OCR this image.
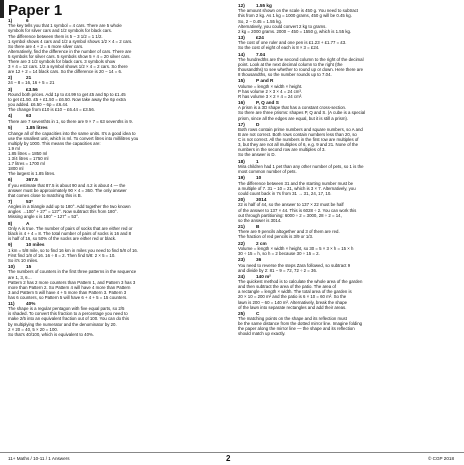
Paper 1
1)	6
The key tells you that 1 symbol = 4 cars. There are 5 whole
symbols for silver cars and 1/2 symbols for black cars.
The difference between them is 5 − 3 1/2 = 1 1/2.
1 symbol shows 4 cars and 1/2 a symbol shows 1/2 × 4 = 2 cars.
So there are 4 + 2 = 6 more silver cars.
Alternatively, find the difference in the number of cars. There are
5 symbols for silver cars. 5 symbols show 5 × 4 = 20 silver cars.
There are 3 1/2 symbols for black cars. 3 symbols show
3 × 4 = 12 cars. 1/2 a symbol shows 1/2 × 4 = 2 cars. So there
are 12 + 2 = 14 black cars. So the difference is 20 − 14 = 6.
2)	21
24 − 8 = 16, 16 + 5 = 21
3)	£3.56
Round both prices. Add 1p to £4.99 to get £5 and 5p to £1.45
to get £1.50. £5 + £1.50 = £6.50. Now take away the 6p extra
you added. £6.50 − 6p = £6.44.
The change from £10 is £10 − £6.44 = £3.56.
4)	63
There are 7 seventhts in 1, so there are 9 × 7 = 63 sevenths in 9.
5)	1.85 litres
Change all of the capacities into the same units. It's a good idea to
use the smallest unit, which is ml. To convert litres into millilitres you
multiply by 1000. This means the capacities are:
1.9 ml
1.85 litres = 1850 ml
1 3/4 litres = 1750 ml
1.7 litres = 1700 ml
1800 ml
The largest is 1.85 litres.
6)	367.5
If you estimate that 87.5 is about 90 and 4.2 is about 4 — the
answer must be approximately 90 × 4 = 360. The only answer
that comes close to matching this is B.
7)	53°
Angles in a triangle add up to 180°. Add together the two known
angles →100° + 27° = 127°. Now subtract this from 180°.
Missing angle x is 180° − 127° = 53°.
8)	A
Only A is true. The number of pairs of socks that are either red or
black is 4 + 4 = 8. The total number of pairs of socks is 16 and 8
is half of 16, so 50% of the socks are either red or black.
9)	10 miles
1 km = 5/8 mile, so to find 16 km in miles you need to find 5/8 of 16.
First find 1/8 of 16. 16 ÷ 8 = 2. Then find 5/8: 2 × 5 = 10.
So it's 10 miles.
10)	15
The numbers of counters in the first three patterns in the sequence
are 1, 3, 6…
Pattern 2 has 2 more counters than Pattern 1, and Pattern 3 has 3
more than Pattern 2. So Pattern 4 will have 4 more than Pattern
3 and Pattern 5 will have 4 + 5 more than Pattern 3. Pattern 3
has 6 counters, so Pattern 5 will have 6 + 4 + 5 = 15 counters.
11)	40%
The shape is a regular pentagon with five equal parts, so 2/5
is shaded. To convert this fraction to a percentage you need to
make 2/5 into an equivalent fraction out of 100. You can do this
by multiplying the numerator and the denominator by 20.
2 × 20 = 40, 5 × 20 = 100.
So that's 40/100, which is equivalent to 40%.
12)	1.55 kg
The amount shown on the scale is 450 g. You need to subtract
this from 2 kg. As 1 kg = 1000 grams, 450 g will be 0.45 kg.
So, 2 − 0.45 = 1.55 kg.
Alternatively, you could convert 2 kg to grams.
2 kg = 2000 grams. 2000 − 450 = 1550 g, which is 1.55 kg.
13)	£24
The cost of one ruler and one pen is £1.23 + £1.77 = £3.
So the cost of eight of each is 8 × 3 = £24.
14)	7.04
The hundredths are the second column to the right of the decimal
point. Look at the next decimal column to the right (the
thousandths) to see whether to round up or down. Here there are
8 thousandths, so the number rounds up to 7.04.
15)	P and R
Volume = length × width × height.
P has volume 2 × 3 × 4 = 24 cm³.
R has volume 3 × 2 × 4 = 24 cm³.
16)	P, Q and S
A prism is a 3D shape that has a constant cross-section.
So there are three prisms: shapes P, Q and S. (A cube is a special
prism, since all the edges are equal, but it is still a prism).
17)	D
Both rows contain prime numbers and square numbers, so A and
B are not correct. Both rows contain numbers less than 20, so
C is not correct. All the numbers in the first row are multiples of
3, but they are not all multiples of 6, e.g. 9 and 21. None of the
numbers in the second row are multiples of 3.
So the answer is D.
18)	1
Mira children had 1 pet than any other number of pets, so 1 is the
most common number of pets.
19)	10
The difference between 31 and the starting number must be
a multiple of 7. 31 − 10 = 21, which is 3 × 7. Alternatively, you
could count back in 7s from 31 → 31, 24, 17, 10.
20)	3014
22 is half of 44, so the answer to 137 × 22 must be half
of the answer to 137 × 44. This is 6028 ÷ 2. You can work this
out through partitioning: 6000 ÷ 2 = 3000, 28 ÷ 2 = 14,
so the answer is 3014.
21)	B
There are 9 pencils altogether and 3 of them are red.
The fraction of red pencils is 3/9 or 1/3.
22)	2 cm
Volume = length × width × height, so 30 = 5 × 3 × h = 15 × h
30 ÷ 15 = h, so h = 2 because 30 ÷ 15 = 2.
23)	36
You need to reverse the steps Zara followed, so subtract 9
and divide by 2: 81 − 9 = 72, 72 ÷ 2 = 36.
24)	140 m²
The quickest method is to calculate the whole area of the garden
and then subtract the area of the patio. The area of
a rectangle = length × width. The total area of the garden is
20 × 10 = 200 m² and the patio is 6 × 10 = 60 m². So the
lawn is 200 − 60 = 140 m². Alternatively, break the shape
of the lawn into separate rectangles and add their areas.
25)	C
The matching points on the shape and its reflection must
be the same distance from the dotted mirror line. Imagine folding
the paper along the mirror line — the shape and its reflection
should match up exactly.
11+ Maths / 10-11 / 1 Answers	2	© CGP 2018
